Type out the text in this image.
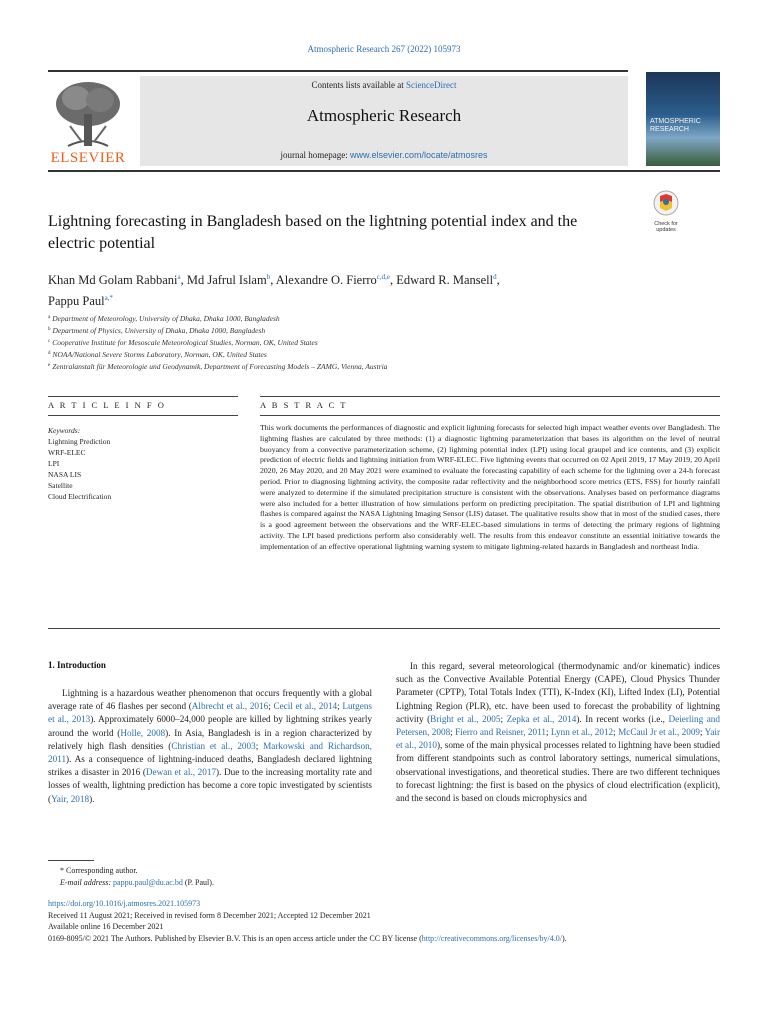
Atmospheric Research 267 (2022) 105973
ELSEVIER
Contents lists available at ScienceDirect
Atmospheric Research
journal homepage: www.elsevier.com/locate/atmosres
ATMOSPHERIC RESEARCH
Lightning forecasting in Bangladesh based on the lightning potential index and the electric potential
Check for updates
Khan Md Golam Rabbani$^a$, Md Jafrul Islam$^b$, Alexandre O. Fierro$^{c,d,e}$, Edward R. Mansell$^d$,
Pappu Paul$^{a,*}$
$^a$ Department of Meteorology, University of Dhaka, Dhaka 1000, Bangladesh
$^b$ Department of Physics, University of Dhaka, Dhaka 1000, Bangladesh
$^c$ Cooperative Institute for Mesoscale Meteorological Studies, Norman, OK, United States
$^d$ NOAA/National Severe Storms Laboratory, Norman, OK, United States
$^e$ Zentralanstalt für Meteorologie und Geodynamik, Department of Forecasting Models – ZAMG, Vienna, Austria
A R T I C L E I N F O	A B S T R A C T
Keywords:
Lightning Prediction
WRF-ELEC
LPI
NASA LIS
Satellite
Cloud Electrification
This work documents the performances of diagnostic and explicit lightning forecasts for selected high impact weather events over Bangladesh. The lightning flashes are calculated by three methods: (1) a diagnostic lightning parameterization that bases its algorithm on the level of neutral buoyancy from a convective parameterization scheme, (2) lightning potential index (LPI) using local graupel and ice contents, and (3) explicit prediction of electric fields and lightning initiation from WRF-ELEC. Five lightning events that occurred on 02 April 2019, 17 May 2019, 20 April 2020, 26 May 2020, and 20 May 2021 were examined to evaluate the forecasting capability of each scheme for the lightning over a 24-h forecast period. Prior to diagnosing lightning activity, the composite radar reflectivity and the neighborhood score metrics (ETS, FSS) for hourly rainfall were analyzed to determine if the simulated precipitation structure is consistent with the observations. Analyses based on performance diagrams were also included for a better illustration of how simulations perform on predicting precipitation. The spatial distribution of LPI and lightning flashes is compared against the NASA Lightning Imaging Sensor (LIS) dataset. The qualitative results show that in most of the studied cases, there is a good agreement between the observations and the WRF-ELEC-based simulations in terms of detecting the primary regions of lightning activity. The LPI based predictions perform also considerably well. The results from this endeavor constitute an essential initiative towards the implementation of an effective operational lightning warning system to mitigate lightning-related hazards in Bangladesh and northeast India.
1. Introduction
Lightning is a hazardous weather phenomenon that occurs frequently with a global average rate of 46 flashes per second (Albrecht et al., 2016; Cecil et al., 2014; Lutgens et al., 2013). Approximately 6000–24,000 people are killed by lightning strikes yearly around the world (Holle, 2008). In Asia, Bangladesh is in a region characterized by relatively high flash densities (Christian et al., 2003; Markowski and Richardson, 2011). As a consequence of lightning-induced deaths, Bangladesh declared lightning strikes a disaster in 2016 (Dewan et al., 2017). Due to the increasing mortality rate and losses of wealth, lightning prediction has become a core topic investigated by scientists (Yair, 2018).
In this regard, several meteorological (thermodynamic and/or kinematic) indices such as the Convective Available Potential Energy (CAPE), Cloud Physics Thunder Parameter (CPTP), Total Totals Index (TTI), K-Index (KI), Lifted Index (LI), Potential Lightning Region (PLR), etc. have been used to forecast the probability of lightning activity (Bright et al., 2005; Zepka et al., 2014). In recent works (i.e., Deierling and Petersen, 2008; Fierro and Reisner, 2011; Lynn et al., 2012; McCaul Jr et al., 2009; Yair et al., 2010), some of the main physical processes related to lightning have been studied from different standpoints such as control laboratory settings, numerical simulations, observational investigations, and theoretical studies. There are two different techniques to forecast lightning: the first is based on the physics of cloud electrification (explicit), and the second is based on clouds microphysics and
* Corresponding author.
E-mail address: pappu.paul@du.ac.bd (P. Paul).
https://doi.org/10.1016/j.atmosres.2021.105973
Received 11 August 2021; Received in revised form 8 December 2021; Accepted 12 December 2021
Available online 16 December 2021
0169-8095/© 2021 The Authors. Published by Elsevier B.V. This is an open access article under the CC BY license (http://creativecommons.org/licenses/by/4.0/).
